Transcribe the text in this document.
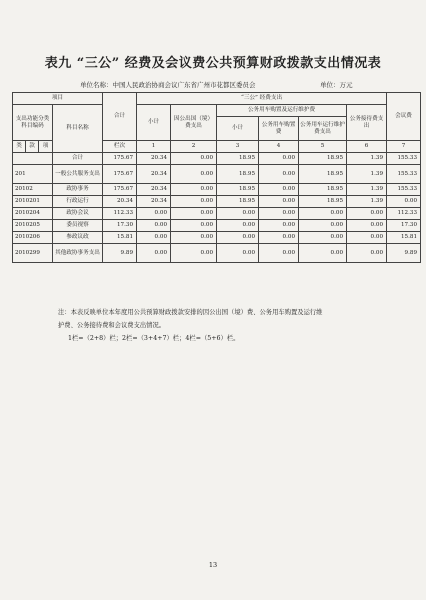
表九 “三公” 经费及会议费公共预算财政拨款支出情况表
单位名称：中国人民政治协商会议广东省广州市花都区委员会	单位：万元
项目				合计	“三公” 经费支出						会议费	
支出功能分类科目编码			科目名称		小计	因公出国（境）费支出	公务用车购置及运行维护费			公务接待费支出		
							小计	公务用车购置费	公务用车运行维护费支出			
类	款	项		栏次	1	2	3	4	5	6	7	
			合计	175.67	20.34	0.00	18.95	0.00	18.95	1.39	155.33	
201			一般公共服务支出	175.67	20.34	0.00	18.95	0.00	18.95	1.39	155.33	
20102			政协事务	175.67	20.34	0.00	18.95	0.00	18.95	1.39	155.33	
2010201			行政运行	20.34	20.34	0.00	18.95	0.00	18.95	1.39	0.00	
2010204			政协会议	112.33	0.00	0.00	0.00	0.00	0.00	0.00	112.33	
2010205			委员视察	17.30	0.00	0.00	0.00	0.00	0.00	0.00	17.30	
2010206			参政议政	15.81	0.00	0.00	0.00	0.00	0.00	0.00	15.81	
2010299			其他政协事务支出	9.89	0.00	0.00	0.00	0.00	0.00	0.00	9.89	
注：本表反映单位本年度用公共预算财政拨款安排的因公出国（境）费、公务用车购置及运行维
护费、公务接待费和会议费支出情况。
1栏=（2+8）栏；2栏=（3+4+7）栏；4栏=（5+6）栏。
13
